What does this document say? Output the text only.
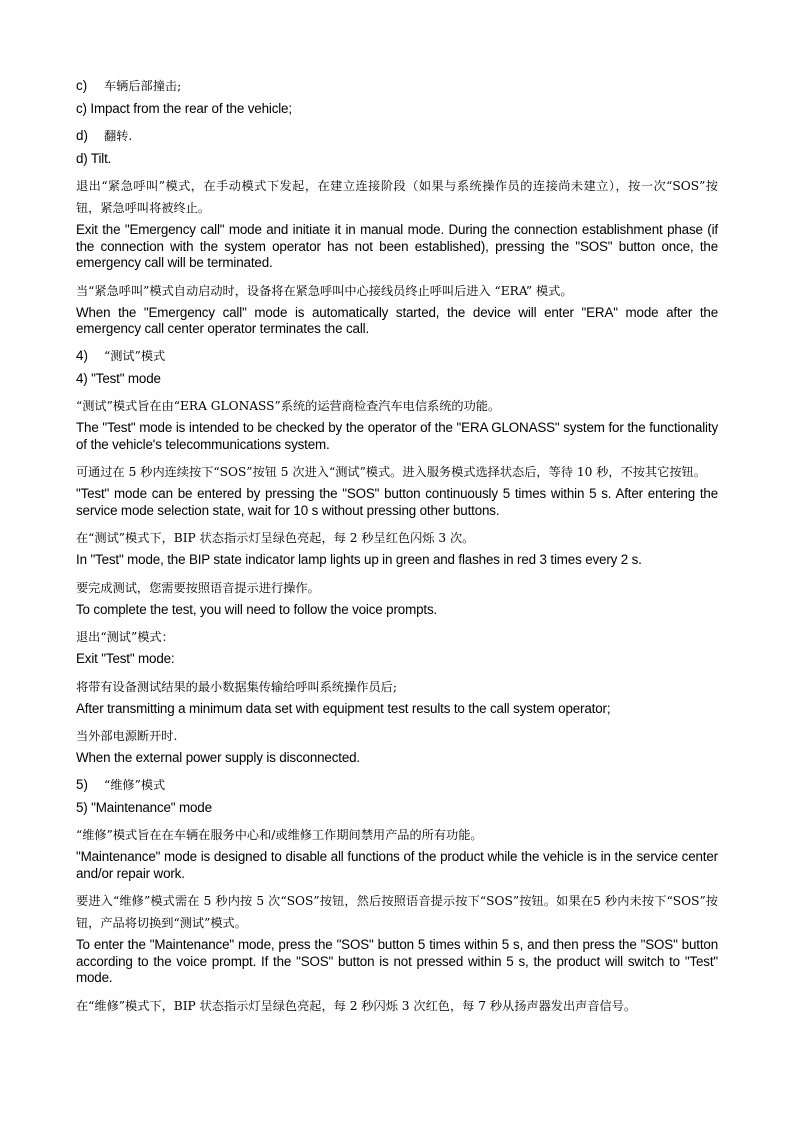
c) 车辆后部撞击;

c) Impact from the rear of the vehicle;

d) 翻转.

d) Tilt.

退出“紧急呼叫”模式，在手动模式下发起，在建立连接阶段（如果与系统操作员的连接尚未建立），按一次“SOS”按钮，紧急呼叫将被终止。

Exit the "Emergency call" mode and initiate it in manual mode. During the connection establishment phase (if the connection with the system operator has not been established), pressing the "SOS" button once, the emergency call will be terminated.

当“紧急呼叫”模式自动启动时，设备将在紧急呼叫中心接线员终止呼叫后进入 “ERA” 模式。

When the "Emergency call" mode is automatically started, the device will enter "ERA" mode after the emergency call center operator terminates the call.

4) “测试”模式

4) "Test" mode

“测试”模式旨在由“ERA GLONASS”系统的运营商检查汽车电信系统的功能。

The "Test" mode is intended to be checked by the operator of the "ERA GLONASS" system for the functionality of the vehicle's telecommunications system.

可通过在 5 秒内连续按下“SOS”按钮 5 次进入“测试”模式。进入服务模式选择状态后，等待 10 秒，不按其它按钮。

"Test" mode can be entered by pressing the "SOS" button continuously 5 times within 5 s. After entering the service mode selection state, wait for 10 s without pressing other buttons.

在“测试”模式下，BIP 状态指示灯呈绿色亮起，每 2 秒呈红色闪烁 3 次。

In "Test" mode, the BIP state indicator lamp lights up in green and flashes in red 3 times every 2 s.

要完成测试，您需要按照语音提示进行操作。

To complete the test, you will need to follow the voice prompts.

退出“测试”模式：

Exit "Test" mode:

将带有设备测试结果的最小数据集传输给呼叫系统操作员后;

After transmitting a minimum data set with equipment test results to the call system operator;

当外部电源断开时.

When the external power supply is disconnected.

5) “维修”模式

5) "Maintenance" mode

“维修”模式旨在在车辆在服务中心和/或维修工作期间禁用产品的所有功能。

"Maintenance" mode is designed to disable all functions of the product while the vehicle is in the service center and/or repair work.

要进入“维修”模式需在 5 秒内按 5 次“SOS”按钮，然后按照语音提示按下“SOS”按钮。如果在5 秒内未按下“SOS”按钮，产品将切换到“测试”模式。

To enter the "Maintenance" mode, press the "SOS" button 5 times within 5 s, and then press the "SOS" button according to the voice prompt. If the "SOS" button is not pressed within 5 s, the product will switch to "Test" mode.

在“维修”模式下，BIP 状态指示灯呈绿色亮起，每 2 秒闪烁 3 次红色，每 7 秒从扬声器发出声音信号。
